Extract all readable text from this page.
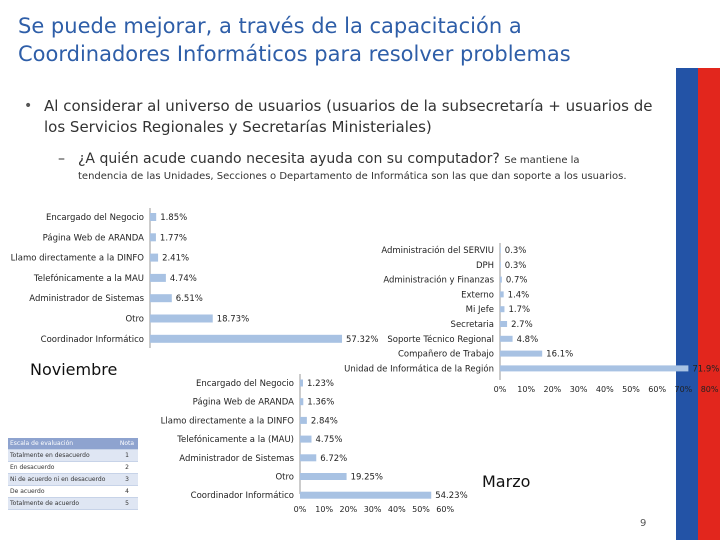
Se puede mejorar, a través de la capacitación a Coordinadores Informáticos para resolver problemas
• Al considerar al universo de usuarios (usuarios de la subsecretaría + usuarios de los Servicios Regionales y Secretarías Ministeriales)
– ¿A quién acude cuando necesita ayuda con su computador? Se mantiene la
tendencia de las Unidades, Secciones o Departamento de Informática son las que dan soporte a los usuarios.
Encargado del Negocio 1.85%
Página Web de ARANDA 1.77%
Llamo directamente a la DINFO 2.41%
Telefónicamente a la MAU	4.74%
Administrador de Sistemas	6.51%
Otro	18.73%
Coordinador Informático	57.32%
Administración del SERVIU 0.3%
DPH 0.3%
Administración y Finanzas 0.7%
Externo 1.4%
Mi Jefe 1.7%
Secretaria 2.7%
Soporte Técnico Regional	4.8%
Compañero de Trabajo	16.1%
Unidad de Informática de la Región	71.9%
0% 10% 20% 30% 40% 50% 60% 70% 80%
Encargado del Negocio 1.23%
Página Web de ARANDA 1.36%
Llamo directamente a la DINFO 2.84%
Telefónicamente a la (MAU)	4.75%
Administrador de Sistemas	6.72%
Otro	19.25%
Coordinador Informático	54.23%
0% 10% 20% 30% 40% 50% 60%
Noviembre
Marzo
9
Escala de evaluación	Nota
Totalmente en desacuerdo	1
En desacuerdo	2
Ni de acuerdo ni en desacuerdo	3
De acuerdo	4
Totalmente de acuerdo	5
